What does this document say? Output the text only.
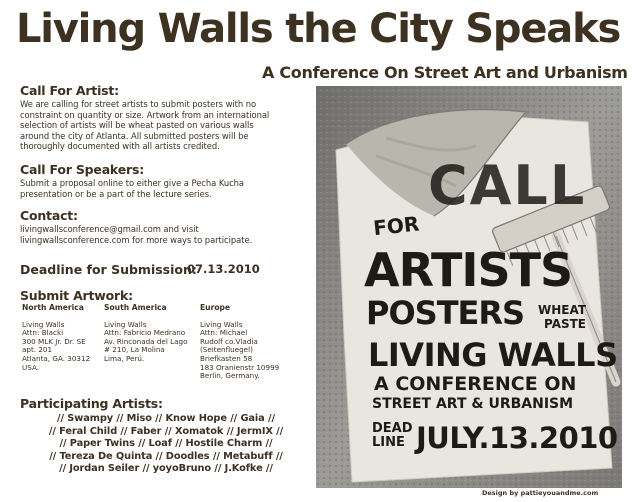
Living Walls the City Speaks
A Conference On Street Art and Urbanism
Call For Artist:
We are calling for street artists to submit posters with no
constraint on quantity or size. Artwork from an international
selection of artists will be wheat pasted on various walls
around the city of Atlanta. All submitted posters will be
thoroughly documented with all artists credited.
Call For Speakers:
Submit a proposal online to either give a Pecha Kucha
presentation or be a part of the lecture series.
Contact:
livingwallsconference@gmail.com and visit
livingwallsconference.com for more ways to participate.
Deadline for Submission:
07.13.2010
Submit Artwork:
North America
Living Walls
Attn: Blacki
300 MLK Jr. Dr. SE
apt. 201
Atlanta, GA. 30312
USA.
South America
Living Walls
Attn: Fabricio Medrano
Av. Rinconada del Lago
# 210, La Molina
Lima, Perú.
Europe
Living Walls
Attn: Michael
Rudolf co.Vladia
(Seitenfluegel)
Briefkasten 58
183 Oranienstr 10999
Berlin, Germany.
Participating Artists:
// Swampy // Miso // Know Hope // Gaia //
// Feral Child // Faber // Xomatok // JermIX //
// Paper Twins // Loaf // Hostile Charm //
// Tereza De Quinta // Doodles // Metabuff //
// Jordan Seiler // yoyoBruno // J.Kofke //
CALL
FOR
ARTISTS
POSTERS WHEAT
PASTE
LIVING WALLS
A CONFERENCE ON
STREET ART & URBANISM
DEAD
LINE JULY.13.2010
Design by pattieyouandme.com
